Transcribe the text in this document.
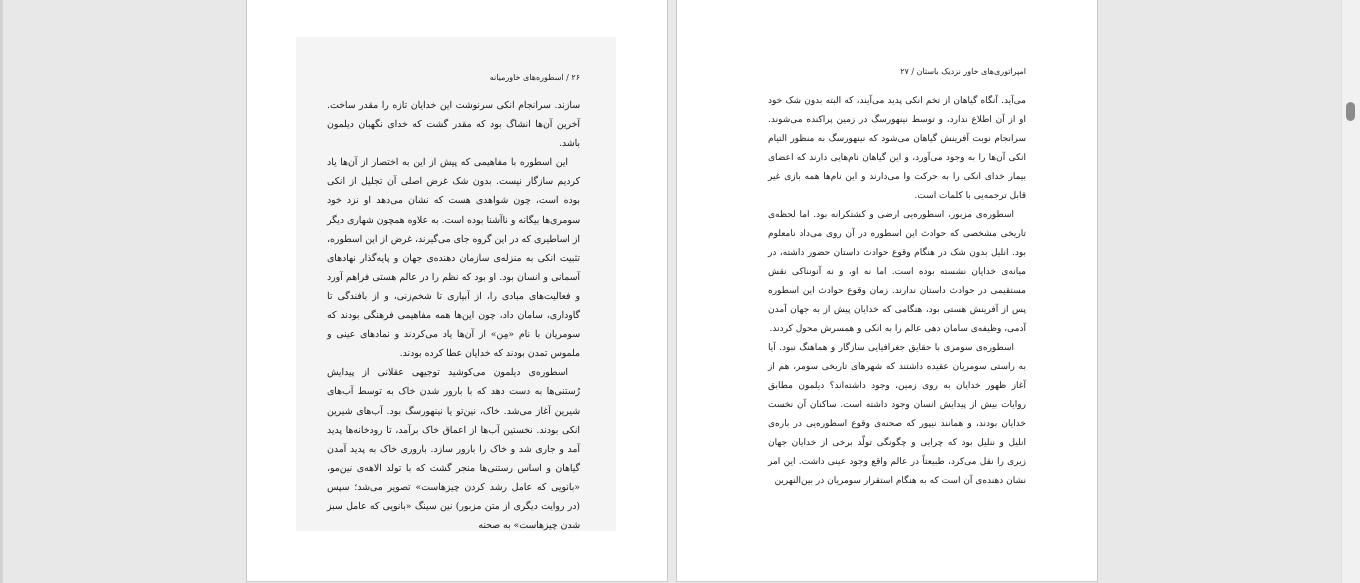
۲۶ / اسطوره‌های خاورمیانه

سازند. سرانجام انکی سرنوشت این خدایان تازه را مقدر ساخت. آخرین آن‌ها انشاگ بود که مقدر گشت که خدای نگهبان دیلمون باشد.

این اسطوره با مفاهیمی که پیش از این به اختصار از آن‌ها یاد کردیم سازگار نیست. بدون شک غرض اصلی آن تجلیل از انکی بوده است، چون شواهدی هست که نشان می‌دهد او نزد خود سومری‌ها بیگانه و ناآشنا بوده است. به علاوه همچون شهاری دیگر از اساطیری که در این گروه جای می‌گیرند، غرض از این اسطوره، تثبیت انکی به منزله‌ی سازمان دهنده‌ی جهان و پایه‌گذار نهادهای آسمانی و انسان بود. او بود که نظم را در عالم هستی فراهم آورد و فعالیت‌های مبادی را، از آبیاری تا شخم‌زنی، و از بافندگی تا گاوداری، سامان داد، چون این‌ها همه مفاهیمی فرهنگی بودند که سومریان با نام «مِن» از آن‌ها یاد می‌کردند و نمادهای عینی و ملموس تمدن بودند که خدایان عطا کرده بودند.

اسطوره‌ی دیلمون می‌کوشید توجیهی عقلانی از پیدایش رُستنی‌ها به دست دهد که با بارور شدن خاک به توسط آب‌های شیرین آغاز می‌شد. خاک، نین‌تو یا نینهورسگ بود. آب‌های شیرین انکی بودند. نخستین آب‌ها از اعماق خاک برآمد، تا رودخانه‌ها پدید آمد و جاری شد و خاک را بارور سازد. باروری خاک به پدید آمدن گیاهان و اساس رستنی‌ها منجر گشت که با تولد الاهه‌ی نین‌مو، «بانویی که عامل رشد کردن چیزهاست» تصویر می‌شد؛ سپس (در روایت دیگری از متن مزبور) نین سینگ «بانویی که عامل سبز شدن چیزهاست» به صحنه

امپراتوری‌های خاور نزدیک باستان / ۲۷

می‌آید. آنگاه گیاهان از تخم انکی پدید می‌آیند، که البته بدون شک خود او از آن اطلاع ندارد، و توسط نینهورسگ در زمین پراکنده می‌شوند. سرانجام نوبت آفرینش گیاهان می‌شود که نینهورسگ به منظور التیام انکی آن‌ها را به وجود می‌آورد، و این گیاهان نام‌هایی دارند که اعضای بیمار خدای انکی را به حرکت وا می‌دارند و این نام‌ها همه بازی غیر قابل ترجمه‌یی با کلمات است.

اسطوره‌ی مزبور، اسطوره‌یی ارضی و کشتکرانه بود. اما لحظه‌ی تاریخی مشخصی که حوادث این اسطوره در آن روی می‌داد نامعلوم بود. انلیل بدون شک در هنگام وقوع حوادث داستان حضور داشته، در میانه‌ی خدایان نشسته بوده است. اما نه او، و نه آنونناکی نقش مستقیمی در حوادث داستان ندارند. زمان وقوع حوادث این اسطوره پس از آفرینش هستی بود، هنگامی که خدایان پیش از به جهان آمدن آدمی، وظیفه‌ی سامان دهی عالم را به انکی و همسرش محول کردند.

اسطوره‌ی سومری با حقایق جغرافیایی سازگار و هماهنگ نبود. آیا به راستی سومریان عقیده داشتند که شهرهای تاریخی سومر، هم از آغاز ظهور خدایان به روی زمین، وجود داشته‌اند؟ دیلمون مطابق روایات بیش از پیدایش انسان وجود داشته است. ساکنان آن نخست خدایان بودند، و همانند نیپور که صحنه‌ی وقوع اسطوره‌یی در باره‌ی انلیل و ننلیل بود که چرایی و چگونگی تولّد برخی از خدایان جهان زیری را نقل می‌کرد، طبیعتاً در عالم واقع وجود عینی داشت. این امر نشان دهنده‌ی آن است که به هنگام استقرار سومریان در بین‌النهرین
